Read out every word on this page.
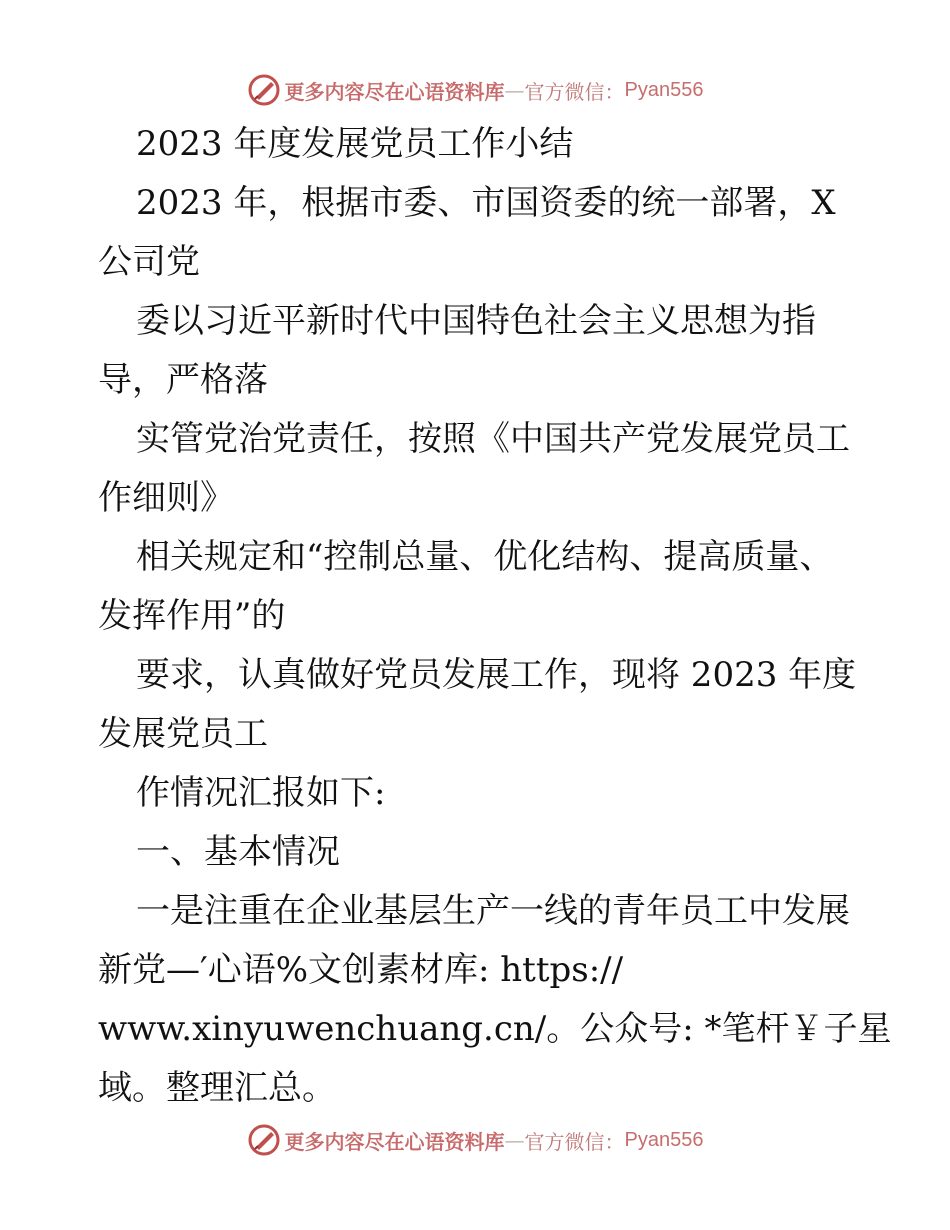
更多内容尽在心语资料库 — 官方微信： Pyan556
2023 年度发展党员工作小结
2023 年，根据市委、市国资委的统一部署，X
公司党
委以习近平新时代中国特色社会主义思想为指
导，严格落
实管党治党责任，按照《中国共产党发展党员工
作细则》
相关规定和“控制总量、优化结构、提高质量、
发挥作用”的
要求，认真做好党员发展工作，现将 2023 年度
发展党员工
作情况汇报如下:
一、基本情况
一是注重在企业基层生产一线的青年员工中发展
新党—′心语%文创素材库: https://
www.xinyuwenchuang.cn/。公众号: *笔杆￥子星
域。整理汇总。
更多内容尽在心语资料库 — 官方微信： Pyan556
